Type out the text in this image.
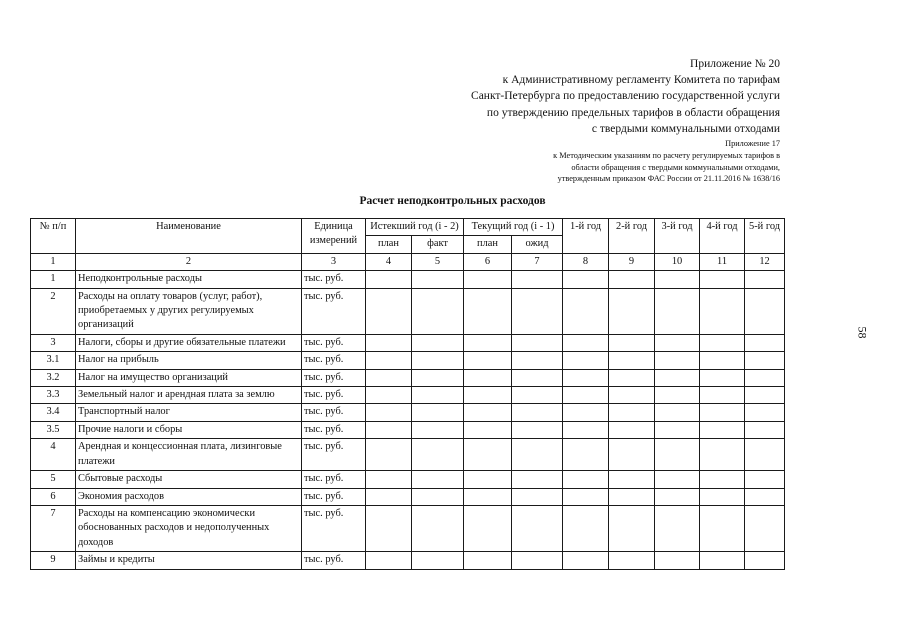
Приложение № 20
к Административному регламенту Комитета по тарифам
Санкт-Петербурга по предоставлению государственной услуги
по утверждению предельных тарифов в области обращения
с твердыми коммунальными отходами
Приложение 17
к Методическим указаниям по расчету регулируемых тарифов в
области обращения с твердыми коммунальными отходами,
утвержденным приказом ФАС России от 21.11.2016 № 1638/16
Расчет неподконтрольных расходов
58
№ п/п	Наименование	Единица измерений	Истекший год (i - 2)		Текущий год (i - 1)		1-й год	2-й год	3-й год	4-й год	5-й год
			план	факт	план	ожид					
1	2	3	4	5	6	7	8	9	10	11	12
1	Неподконтрольные расходы	тыс. руб.									
2	Расходы на оплату товаров (услуг, работ), приобретаемых у других регулируемых организаций	тыс. руб.									
3	Налоги, сборы и другие обязательные платежи	тыс. руб.									
3.1	Налог на прибыль	тыс. руб.									
3.2	Налог на имущество организаций	тыс. руб.									
3.3	Земельный налог и арендная плата за землю	тыс. руб.									
3.4	Транспортный налог	тыс. руб.									
3.5	Прочие налоги и сборы	тыс. руб.									
4	Арендная и концессионная плата, лизинговые платежи	тыс. руб.									
5	Сбытовые расходы	тыс. руб.									
6	Экономия расходов	тыс. руб.									
7	Расходы на компенсацию экономически обоснованных расходов и недополученных доходов	тыс. руб.									
9	Займы и кредиты	тыс. руб.									
